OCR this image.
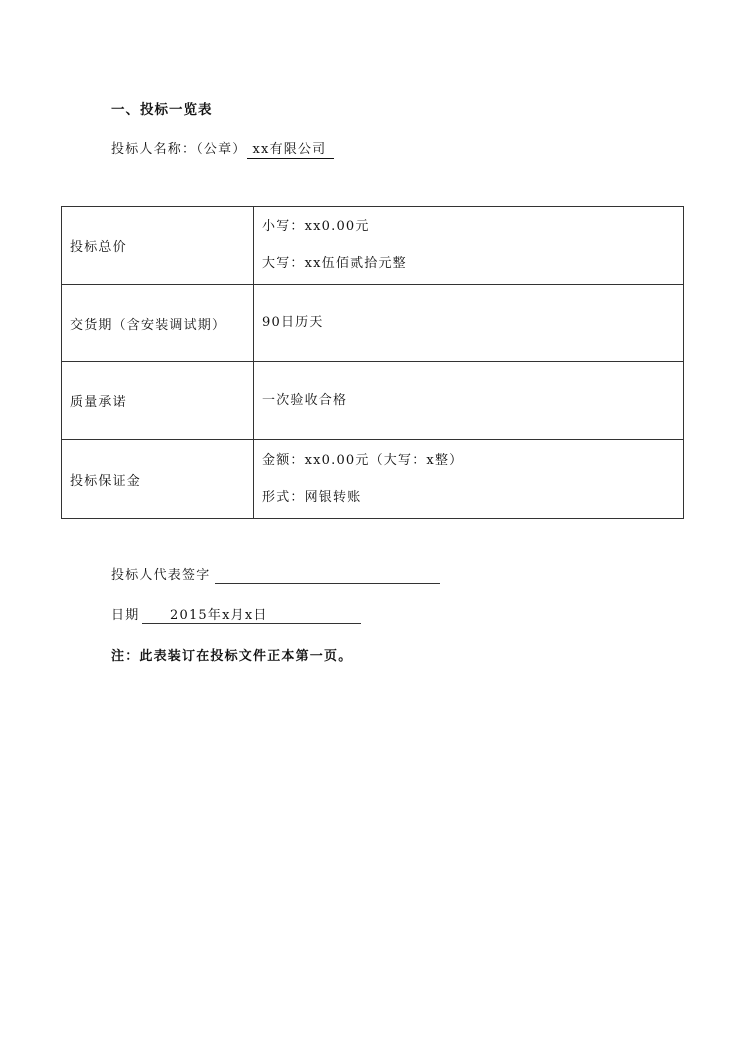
一、投标一览表
投标人名称：（公章） xx有限公司
投标总价	小写：xx0.00元
大写：xx伍佰贰拾元整

交货期（含安装调试期）	90日历天

质量承诺	一次验收合格

投标保证金	金额：xx0.00元（大写：x整）
形式：网银转账
投标人代表签字
日期 2015年x月x日
注：此表装订在投标文件正本第一页。
